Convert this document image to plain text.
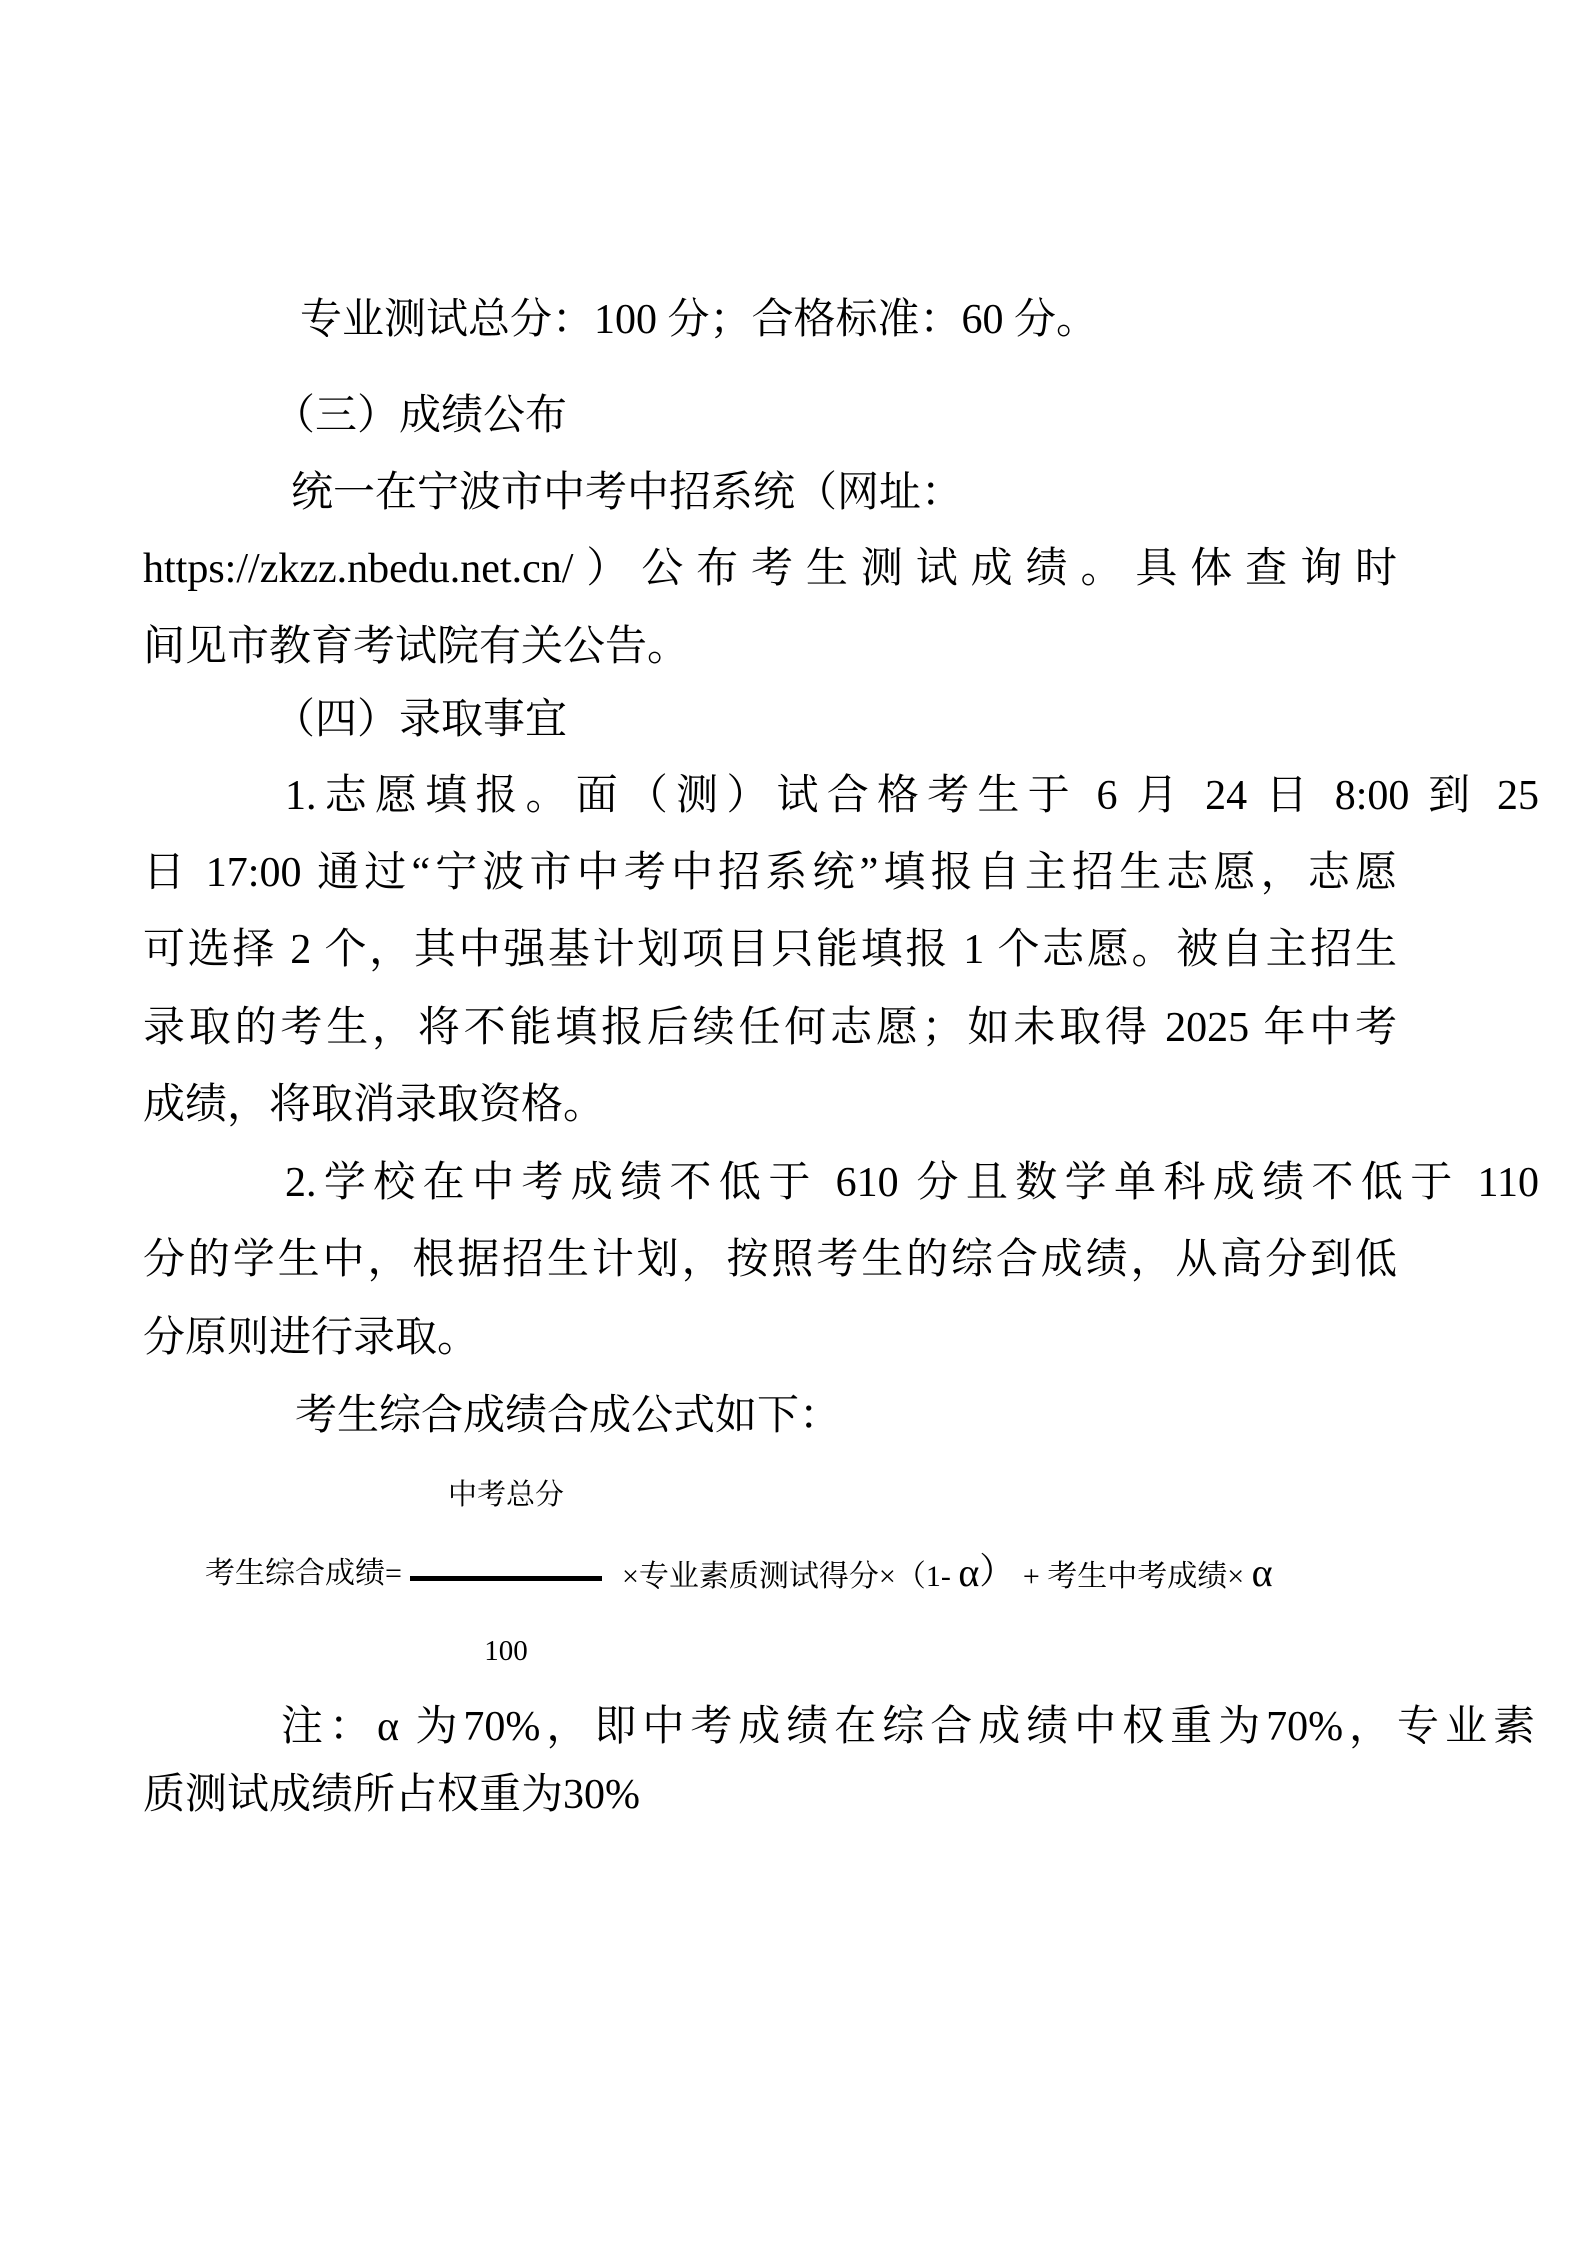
专业测试总分：100 分；合格标准：60 分。
（三）成绩公布
统一在宁波市中考中招系统（网址：
https://zkzz.nbedu.net.cn/）公布考生测试成绩。具体查询时
间见市教育考试院有关公告。
（四）录取事宜
1.志愿填报。面（测）试合格考生于 6 月 24 日 8:00 到 25
日 17:00 通过“宁波市中考中招系统”填报自主招生志愿，志愿
可选择 2 个，其中强基计划项目只能填报 1 个志愿。被自主招生
录取的考生，将不能填报后续任何志愿；如未取得 2025 年中考
成绩，将取消录取资格。
2.学校在中考成绩不低于 610 分且数学单科成绩不低于 110
分的学生中，根据招生计划，按照考生的综合成绩，从高分到低
分原则进行录取。
考生综合成绩合成公式如下：
中考总分
考生综合成绩=	×专业素质测试得分×（1- α） + 考生中考成绩× α
100
注：α 为70%，即中考成绩在综合成绩中权重为70%，专业素
质测试成绩所占权重为30%
